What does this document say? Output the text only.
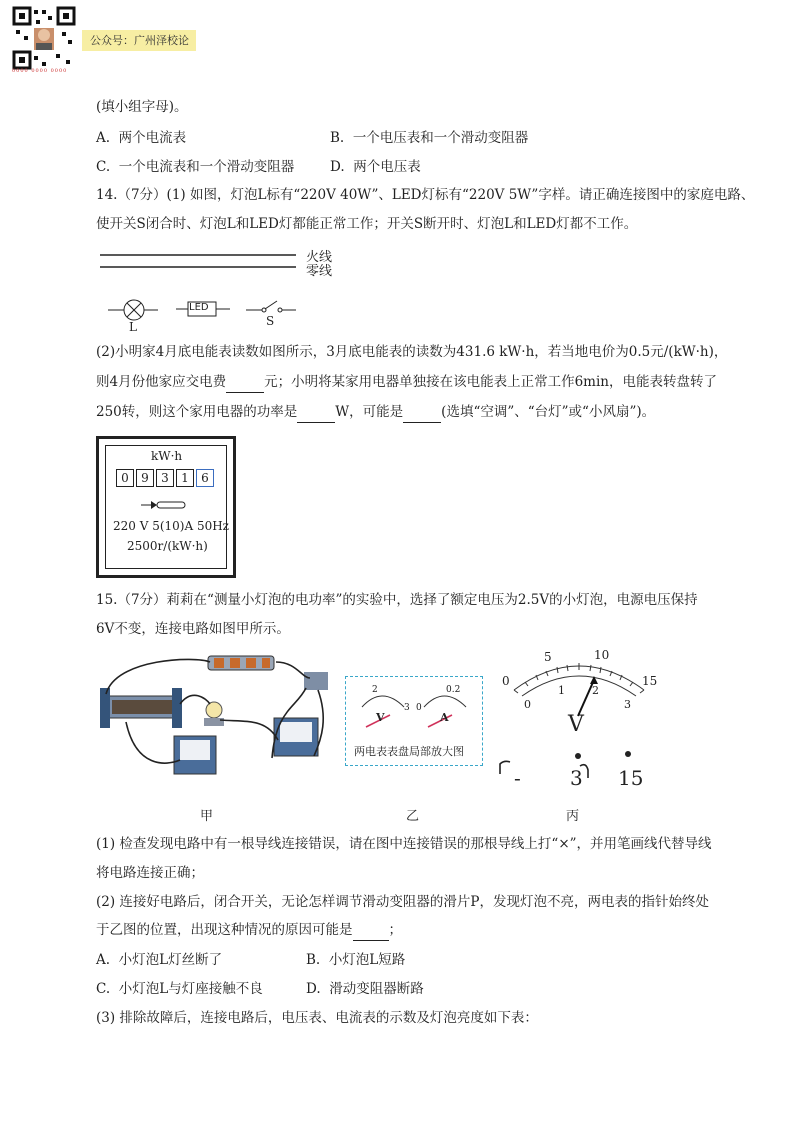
0000 0000 0000
公众号：广州泽校论
(填小组字母)。
A. 两个电流表	B. 一个电压表和一个滑动变阻器
C. 一个电流表和一个滑动变阻器	D. 两个电压表
14.（7分）(1) 如图，灯泡L标有“220V 40W”、LED灯标有“220V 5W”字样。请正确连接图中的家庭电路、
使开关S闭合时、灯泡L和LED灯都能正常工作；开关S断开时、灯泡L和LED灯都不工作。
火线
零线
LED
L	S
(2)小明家4月底电能表读数如图所示，3月底电能表的读数为431.6 kW·h，若当地电价为0.5元/(kW·h)，
则4月份他家应交电费	元；小明将某家用电器单独接在该电能表上正常工作6min，电能表转盘转了
250转，则这个家用电器的功率是	W，可能是	(选填“空调”、“台灯”或“小风扇”)。
kW·h
0	9	3	1	6
220 V 5(10)A 50Hz
2500r/(kW·h)
15.（7分）莉莉在“测量小灯泡的电功率”的实验中，选择了额定电压为2.5V的小灯泡，电源电压保持
6V不变，连接电路如图甲所示。
甲
2
3 0
0.2
V	A
两电表表盘局部放大图
乙
0
5	10
15
0
1 2
3
V
- 3 15
丙
(1) 检查发现电路中有一根导线连接错误，请在图中连接错误的那根导线上打“×”，并用笔画线代替导线
将电路连接正确；
(2) 连接好电路后，闭合开关，无论怎样调节滑动变阻器的滑片P，发现灯泡不亮，两电表的指针始终处
于乙图的位置，出现这种情况的原因可能是	；
A. 小灯泡L灯丝断了	B. 小灯泡L短路
C. 小灯泡L与灯座接触不良	D. 滑动变阻器断路
(3) 排除故障后，连接电路后，电压表、电流表的示数及灯泡亮度如下表：
